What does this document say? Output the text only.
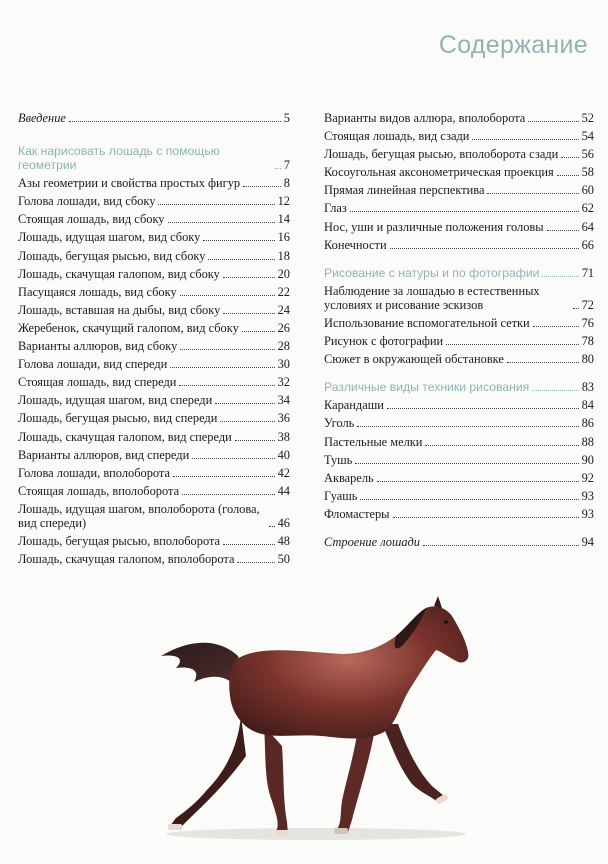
Содержание
Введение	5
Как нарисовать лошадь с помощью геометрии	7
Азы геометрии и свойства простых фигур	8
Голова лошади, вид сбоку	12
Стоящая лошадь, вид сбоку	14
Лошадь, идущая шагом, вид сбоку	16
Лошадь, бегущая рысью, вид сбоку	18
Лошадь, скачущая галопом, вид сбоку	20
Пасущаяся лошадь, вид сбоку	22
Лошадь, вставшая на дыбы, вид сбоку	24
Жеребенок, скачущий галопом, вид сбоку	26
Варианты аллюров, вид сбоку	28
Голова лошади, вид спереди	30
Стоящая лошадь, вид спереди	32
Лошадь, идущая шагом, вид спереди	34
Лошадь, бегущая рысью, вид спереди	36
Лошадь, скачущая галопом, вид спереди	38
Варианты аллюров, вид спереди	40
Голова лошади, вполоборота	42
Стоящая лошадь, вполоборота	44
Лошадь, идущая шагом, вполоборота (голова, вид спереди)	46
Лошадь, бегущая рысью, вполоборота	48
Лошадь, скачущая галопом, вполоборота	50
Варианты видов аллюра, вполоборота	52
Стоящая лошадь, вид сзади	54
Лошадь, бегущая рысью, вполоборота сзади 56
Косоугольная аксонометрическая проекция 58
Прямая линейная перспектива	60
Глаз	62
Нос, уши и различные положения головы	64
Конечности	66
Рисование с натуры и по фотографии	71
Наблюдение за лошадью в естественных условиях и рисование эскизов	72
Использование вспомогательной сетки	76
Рисунок с фотографии	78
Сюжет в окружающей обстановке	80
Различные виды техники рисования	83
Карандаши	84
Уголь	86
Пастельные мелки	88
Тушь	90
Акварель	92
Гуашь	93
Фломастеры	93
Строение лошади	94
